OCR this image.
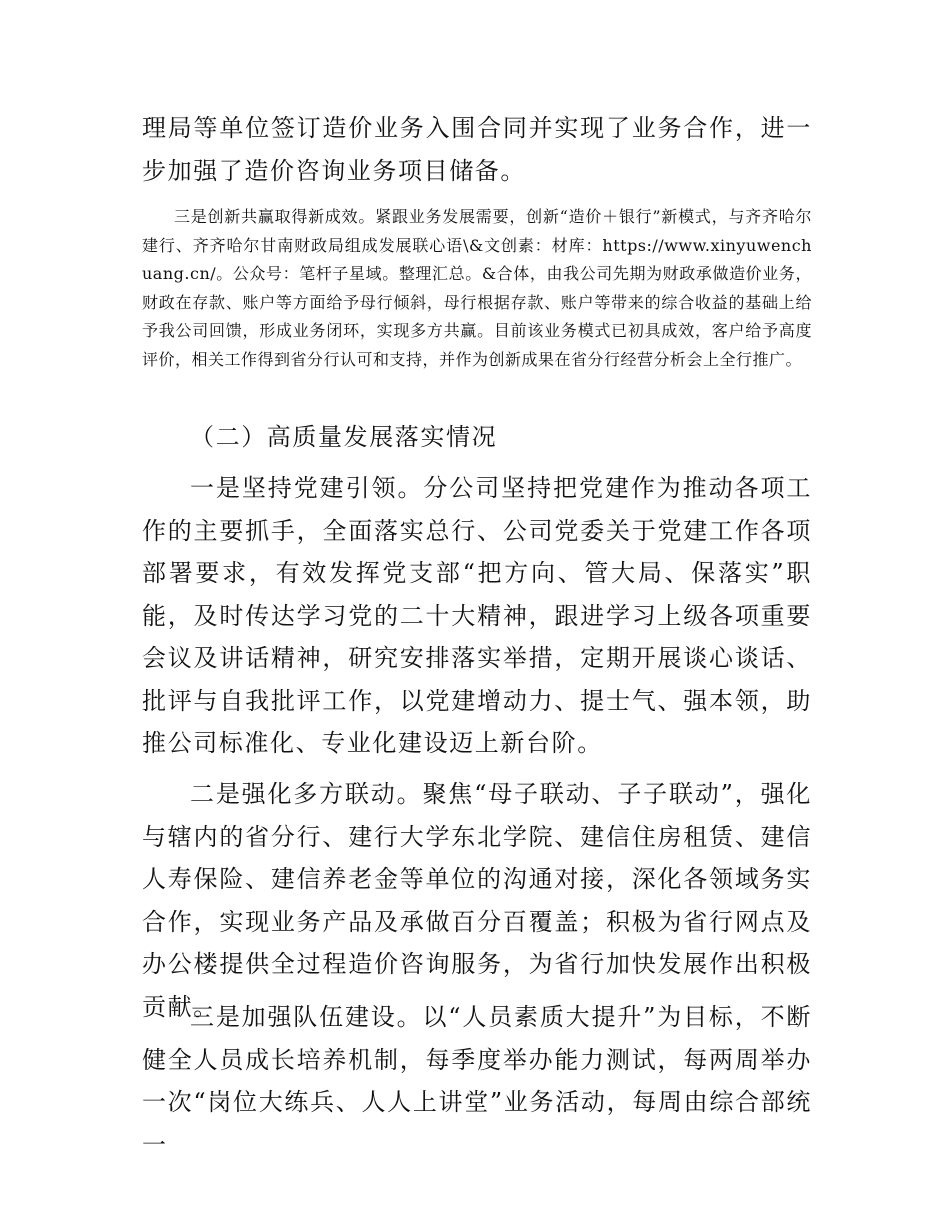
理局等单位签订造价业务入围合同并实现了业务合作，进一步加强了造价咨询业务项目储备。

三是创新共赢取得新成效。紧跟业务发展需要，创新“造价＋银行”新模式，与齐齐哈尔建行、齐齐哈尔甘南财政局组成发展联心语\&文创素：材库：https://www.xinyuwenchuang.cn/。公众号：笔杆子星域。整理汇总。&合体，由我公司先期为财政承做造价业务，财政在存款、账户等方面给予母行倾斜，母行根据存款、账户等带来的综合收益的基础上给予我公司回馈，形成业务闭环，实现多方共赢。目前该业务模式已初具成效，客户给予高度评价，相关工作得到省分行认可和支持，并作为创新成果在省分行经营分析会上全行推广。

（二）高质量发展落实情况

一是坚持党建引领。分公司坚持把党建作为推动各项工作的主要抓手，全面落实总行、公司党委关于党建工作各项部署要求，有效发挥党支部“把方向、管大局、保落实”职能，及时传达学习党的二十大精神，跟进学习上级各项重要会议及讲话精神，研究安排落实举措，定期开展谈心谈话、批评与自我批评工作，以党建增动力、提士气、强本领，助推公司标准化、专业化建设迈上新台阶。

二是强化多方联动。聚焦“母子联动、子子联动”，强化与辖内的省分行、建行大学东北学院、建信住房租赁、建信人寿保险、建信养老金等单位的沟通对接，深化各领域务实合作，实现业务产品及承做百分百覆盖；积极为省行网点及办公楼提供全过程造价咨询服务，为省行加快发展作出积极贡献。

三是加强队伍建设。以“人员素质大提升”为目标，不断健全人员成长培养机制，每季度举办能力测试，每两周举办一次“岗位大练兵、人人上讲堂”业务活动，每周由综合部统一
